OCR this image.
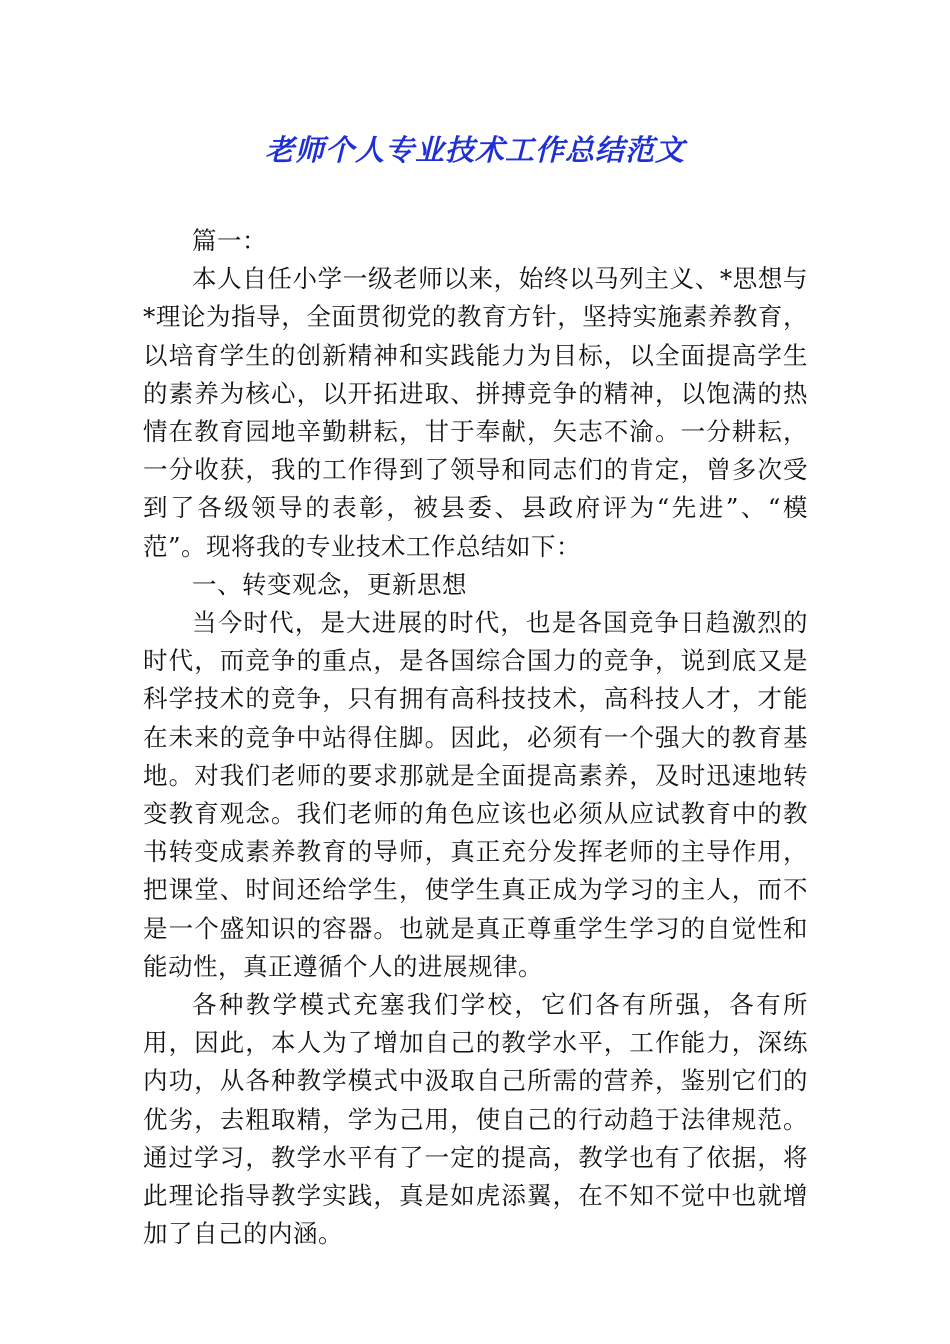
老师个人专业技术工作总结范文

篇一：

本人自任小学一级老师以来，始终以马列主义、*思想与*理论为指导，全面贯彻党的教育方针，坚持实施素养教育，以培育学生的创新精神和实践能力为目标，以全面提高学生的素养为核心，以开拓进取、拼搏竞争的精神，以饱满的热情在教育园地辛勤耕耘，甘于奉献，矢志不渝。一分耕耘，一分收获，我的工作得到了领导和同志们的肯定，曾多次受到了各级领导的表彰，被县委、县政府评为“先进”、“模范”。现将我的专业技术工作总结如下：

一、转变观念，更新思想

当今时代，是大进展的时代，也是各国竞争日趋激烈的时代，而竞争的重点，是各国综合国力的竞争，说到底又是科学技术的竞争，只有拥有高科技技术，高科技人才，才能在未来的竞争中站得住脚。因此，必须有一个强大的教育基地。对我们老师的要求那就是全面提高素养，及时迅速地转变教育观念。我们老师的角色应该也必须从应试教育中的教书转变成素养教育的导师，真正充分发挥老师的主导作用，把课堂、时间还给学生，使学生真正成为学习的主人，而不是一个盛知识的容器。也就是真正尊重学生学习的自觉性和能动性，真正遵循个人的进展规律。

各种教学模式充塞我们学校，它们各有所强，各有所用，因此，本人为了增加自己的教学水平，工作能力，深练内功，从各种教学模式中汲取自己所需的营养，鉴别它们的优劣，去粗取精，学为己用，使自己的行动趋于法律规范。通过学习，教学水平有了一定的提高，教学也有了依据，将此理论指导教学实践，真是如虎添翼，在不知不觉中也就增加了自己的内涵。
